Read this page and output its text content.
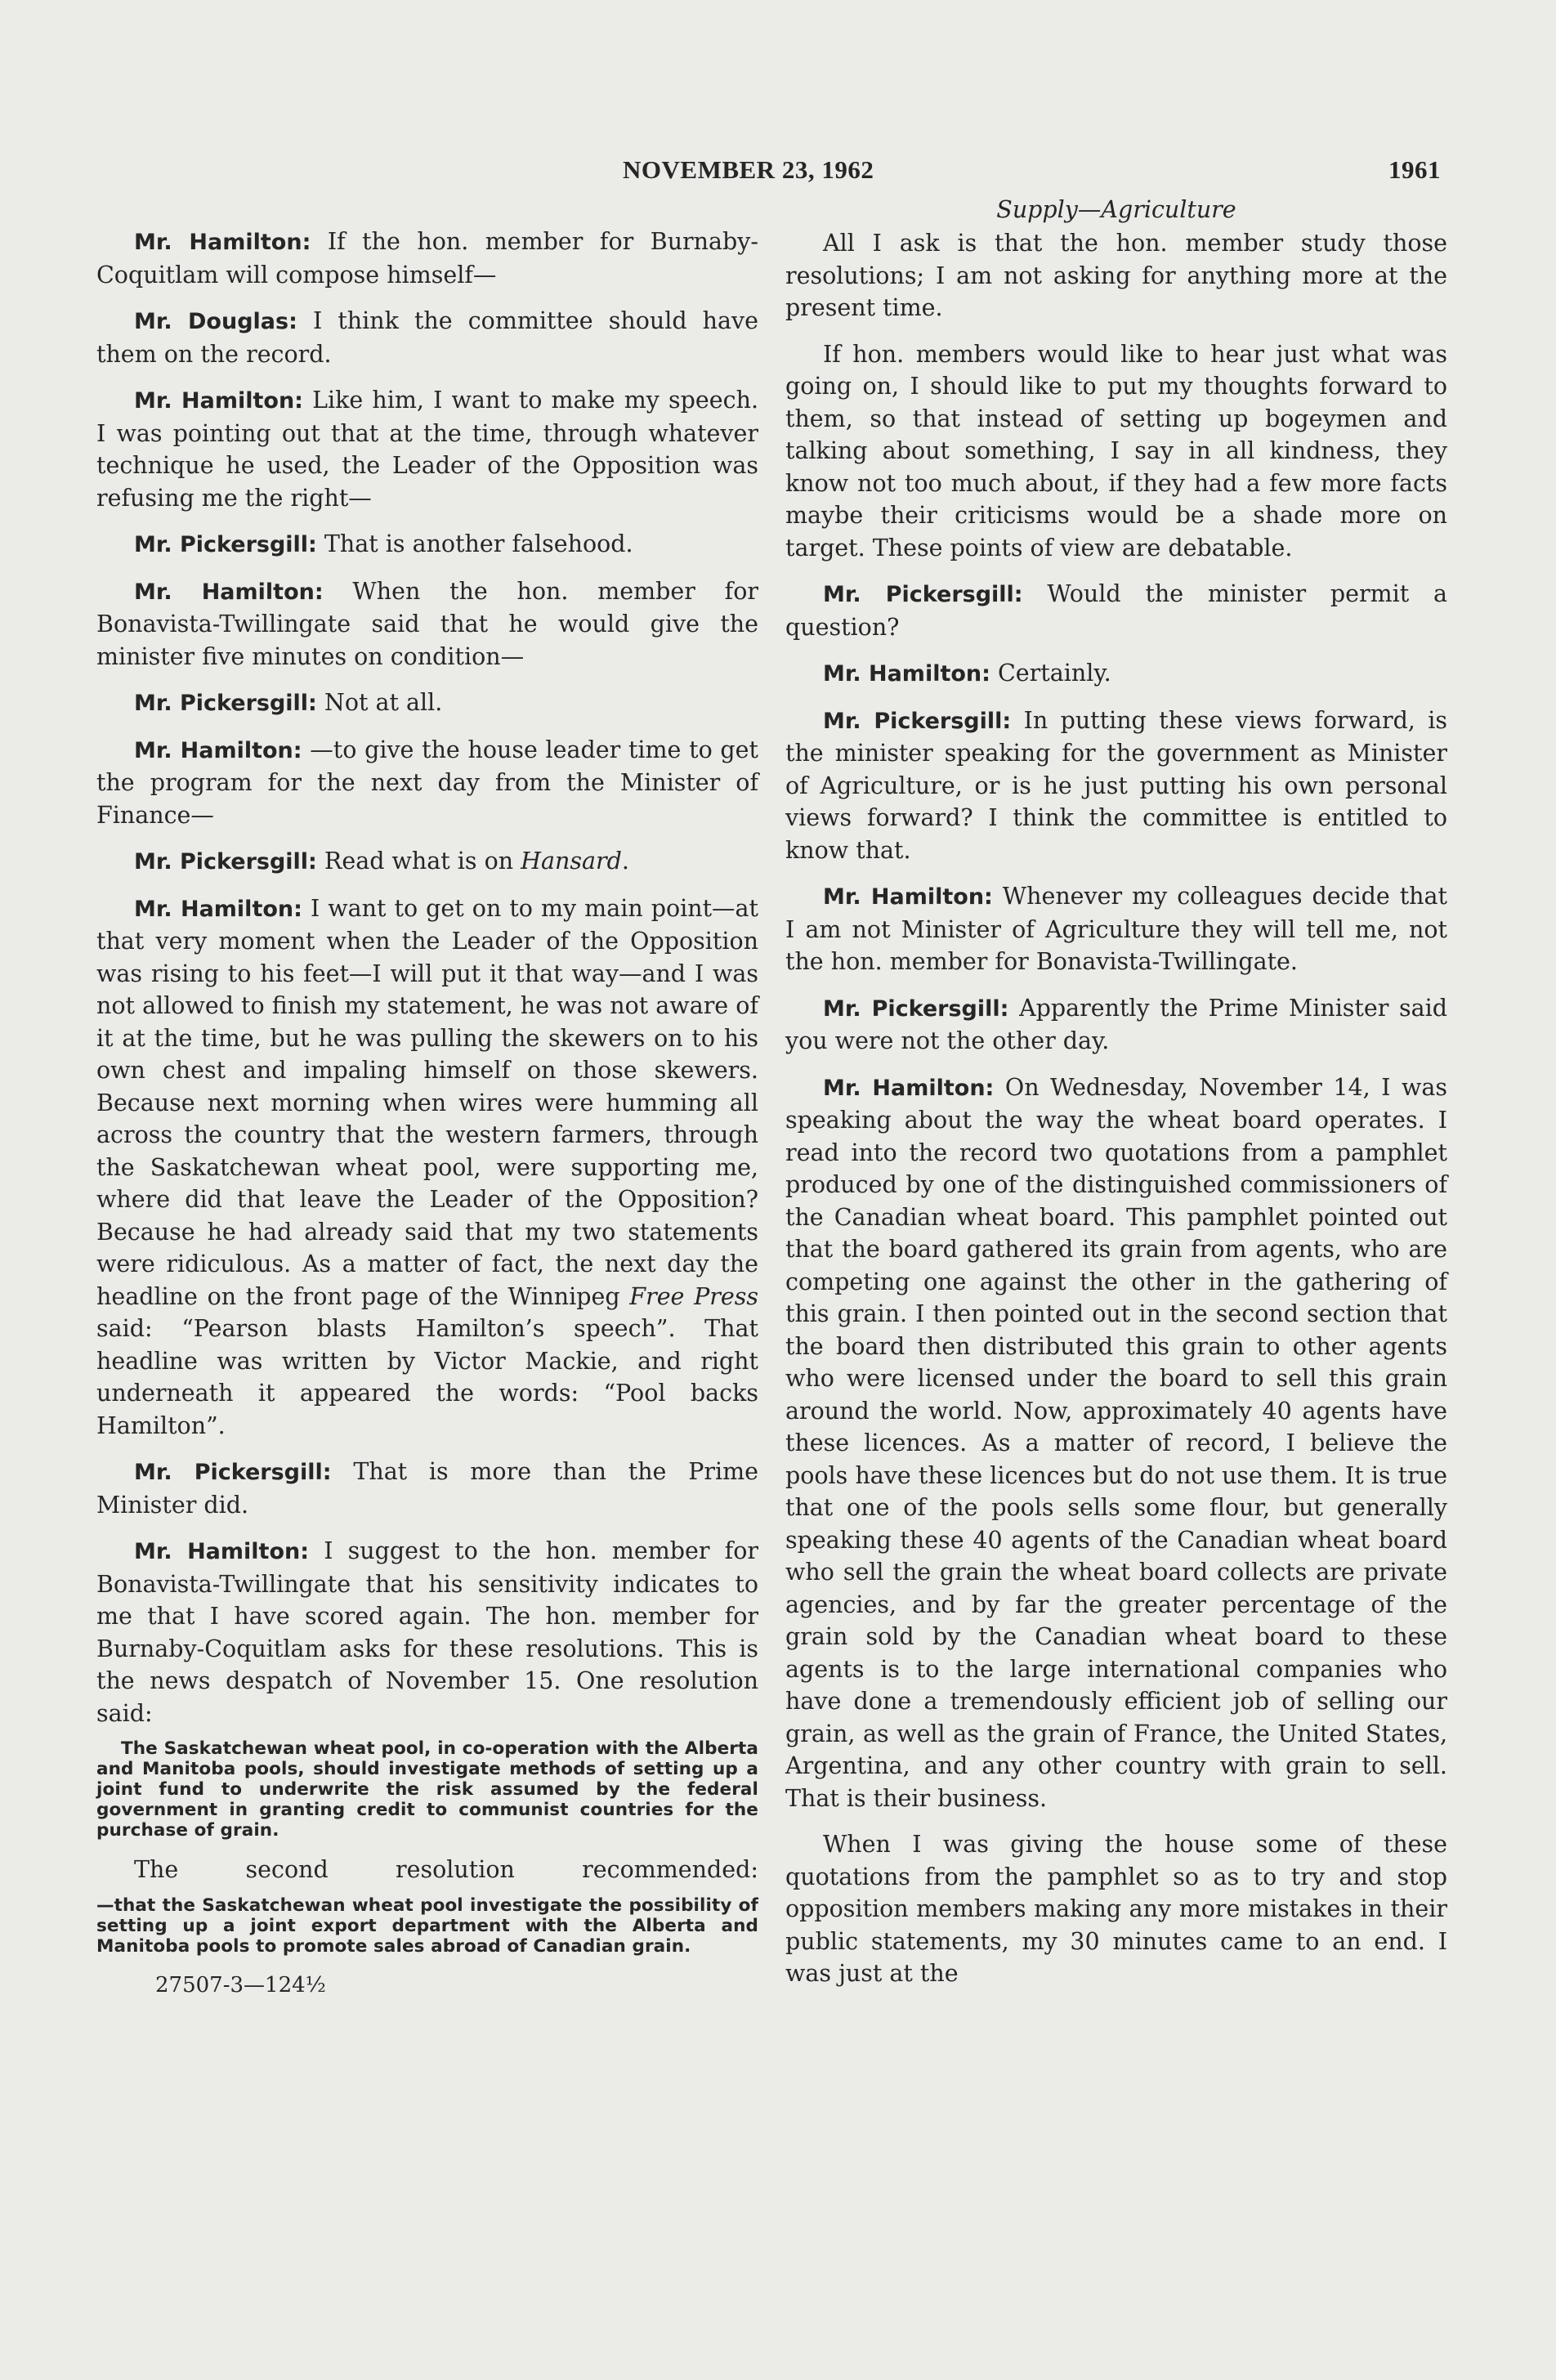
NOVEMBER 23, 1962	1961

Mr. Hamilton: If the hon. member for Burnaby-Coquitlam will compose himself—

Mr. Douglas: I think the committee should have them on the record.

Mr. Hamilton: Like him, I want to make my speech. I was pointing out that at the time, through whatever technique he used, the Leader of the Opposition was refusing me the right—

Mr. Pickersgill: That is another falsehood.

Mr. Hamilton: When the hon. member for Bonavista-Twillingate said that he would give the minister five minutes on condition—

Mr. Pickersgill: Not at all.

Mr. Hamilton: —to give the house leader time to get the program for the next day from the Minister of Finance—

Mr. Pickersgill: Read what is on Hansard.

Mr. Hamilton: I want to get on to my main point—at that very moment when the Leader of the Opposition was rising to his feet—I will put it that way—and I was not allowed to finish my statement, he was not aware of it at the time, but he was pulling the skewers on to his own chest and impaling himself on those skewers. Because next morning when wires were humming all across the country that the western farmers, through the Saskatchewan wheat pool, were supporting me, where did that leave the Leader of the Opposition? Because he had already said that my two statements were ridiculous. As a matter of fact, the next day the headline on the front page of the Winnipeg Free Press said: “Pearson blasts Hamilton’s speech”. That headline was written by Victor Mackie, and right underneath it appeared the words: “Pool backs Hamilton”.

Mr. Pickersgill: That is more than the Prime Minister did.

Mr. Hamilton: I suggest to the hon. member for Bonavista-Twillingate that his sensitivity indicates to me that I have scored again. The hon. member for Burnaby-Coquitlam asks for these resolutions. This is the news despatch of November 15. One resolution said:

The Saskatchewan wheat pool, in co-operation with the Alberta and Manitoba pools, should investigate methods of setting up a joint fund to underwrite the risk assumed by the federal government in granting credit to communist countries for the purchase of grain.

The second resolution recommended:

—that the Saskatchewan wheat pool investigate the possibility of setting up a joint export department with the Alberta and Manitoba pools to promote sales abroad of Canadian grain.

27507-3—124½

Supply—Agriculture

All I ask is that the hon. member study those resolutions; I am not asking for anything more at the present time.

If hon. members would like to hear just what was going on, I should like to put my thoughts forward to them, so that instead of setting up bogeymen and talking about something, I say in all kindness, they know not too much about, if they had a few more facts maybe their criticisms would be a shade more on target. These points of view are debatable.

Mr. Pickersgill: Would the minister permit a question?

Mr. Hamilton: Certainly.

Mr. Pickersgill: In putting these views forward, is the minister speaking for the government as Minister of Agriculture, or is he just putting his own personal views forward? I think the committee is entitled to know that.

Mr. Hamilton: Whenever my colleagues decide that I am not Minister of Agriculture they will tell me, not the hon. member for Bonavista-Twillingate.

Mr. Pickersgill: Apparently the Prime Minister said you were not the other day.

Mr. Hamilton: On Wednesday, November 14, I was speaking about the way the wheat board operates. I read into the record two quotations from a pamphlet produced by one of the distinguished commissioners of the Canadian wheat board. This pamphlet pointed out that the board gathered its grain from agents, who are competing one against the other in the gathering of this grain. I then pointed out in the second section that the board then distributed this grain to other agents who were licensed under the board to sell this grain around the world. Now, approximately 40 agents have these licences. As a matter of record, I believe the pools have these licences but do not use them. It is true that one of the pools sells some flour, but generally speaking these 40 agents of the Canadian wheat board who sell the grain the wheat board collects are private agencies, and by far the greater percentage of the grain sold by the Canadian wheat board to these agents is to the large international companies who have done a tremendously efficient job of selling our grain, as well as the grain of France, the United States, Argentina, and any other country with grain to sell. That is their business.

When I was giving the house some of these quotations from the pamphlet so as to try and stop opposition members making any more mistakes in their public statements, my 30 minutes came to an end. I was just at the
